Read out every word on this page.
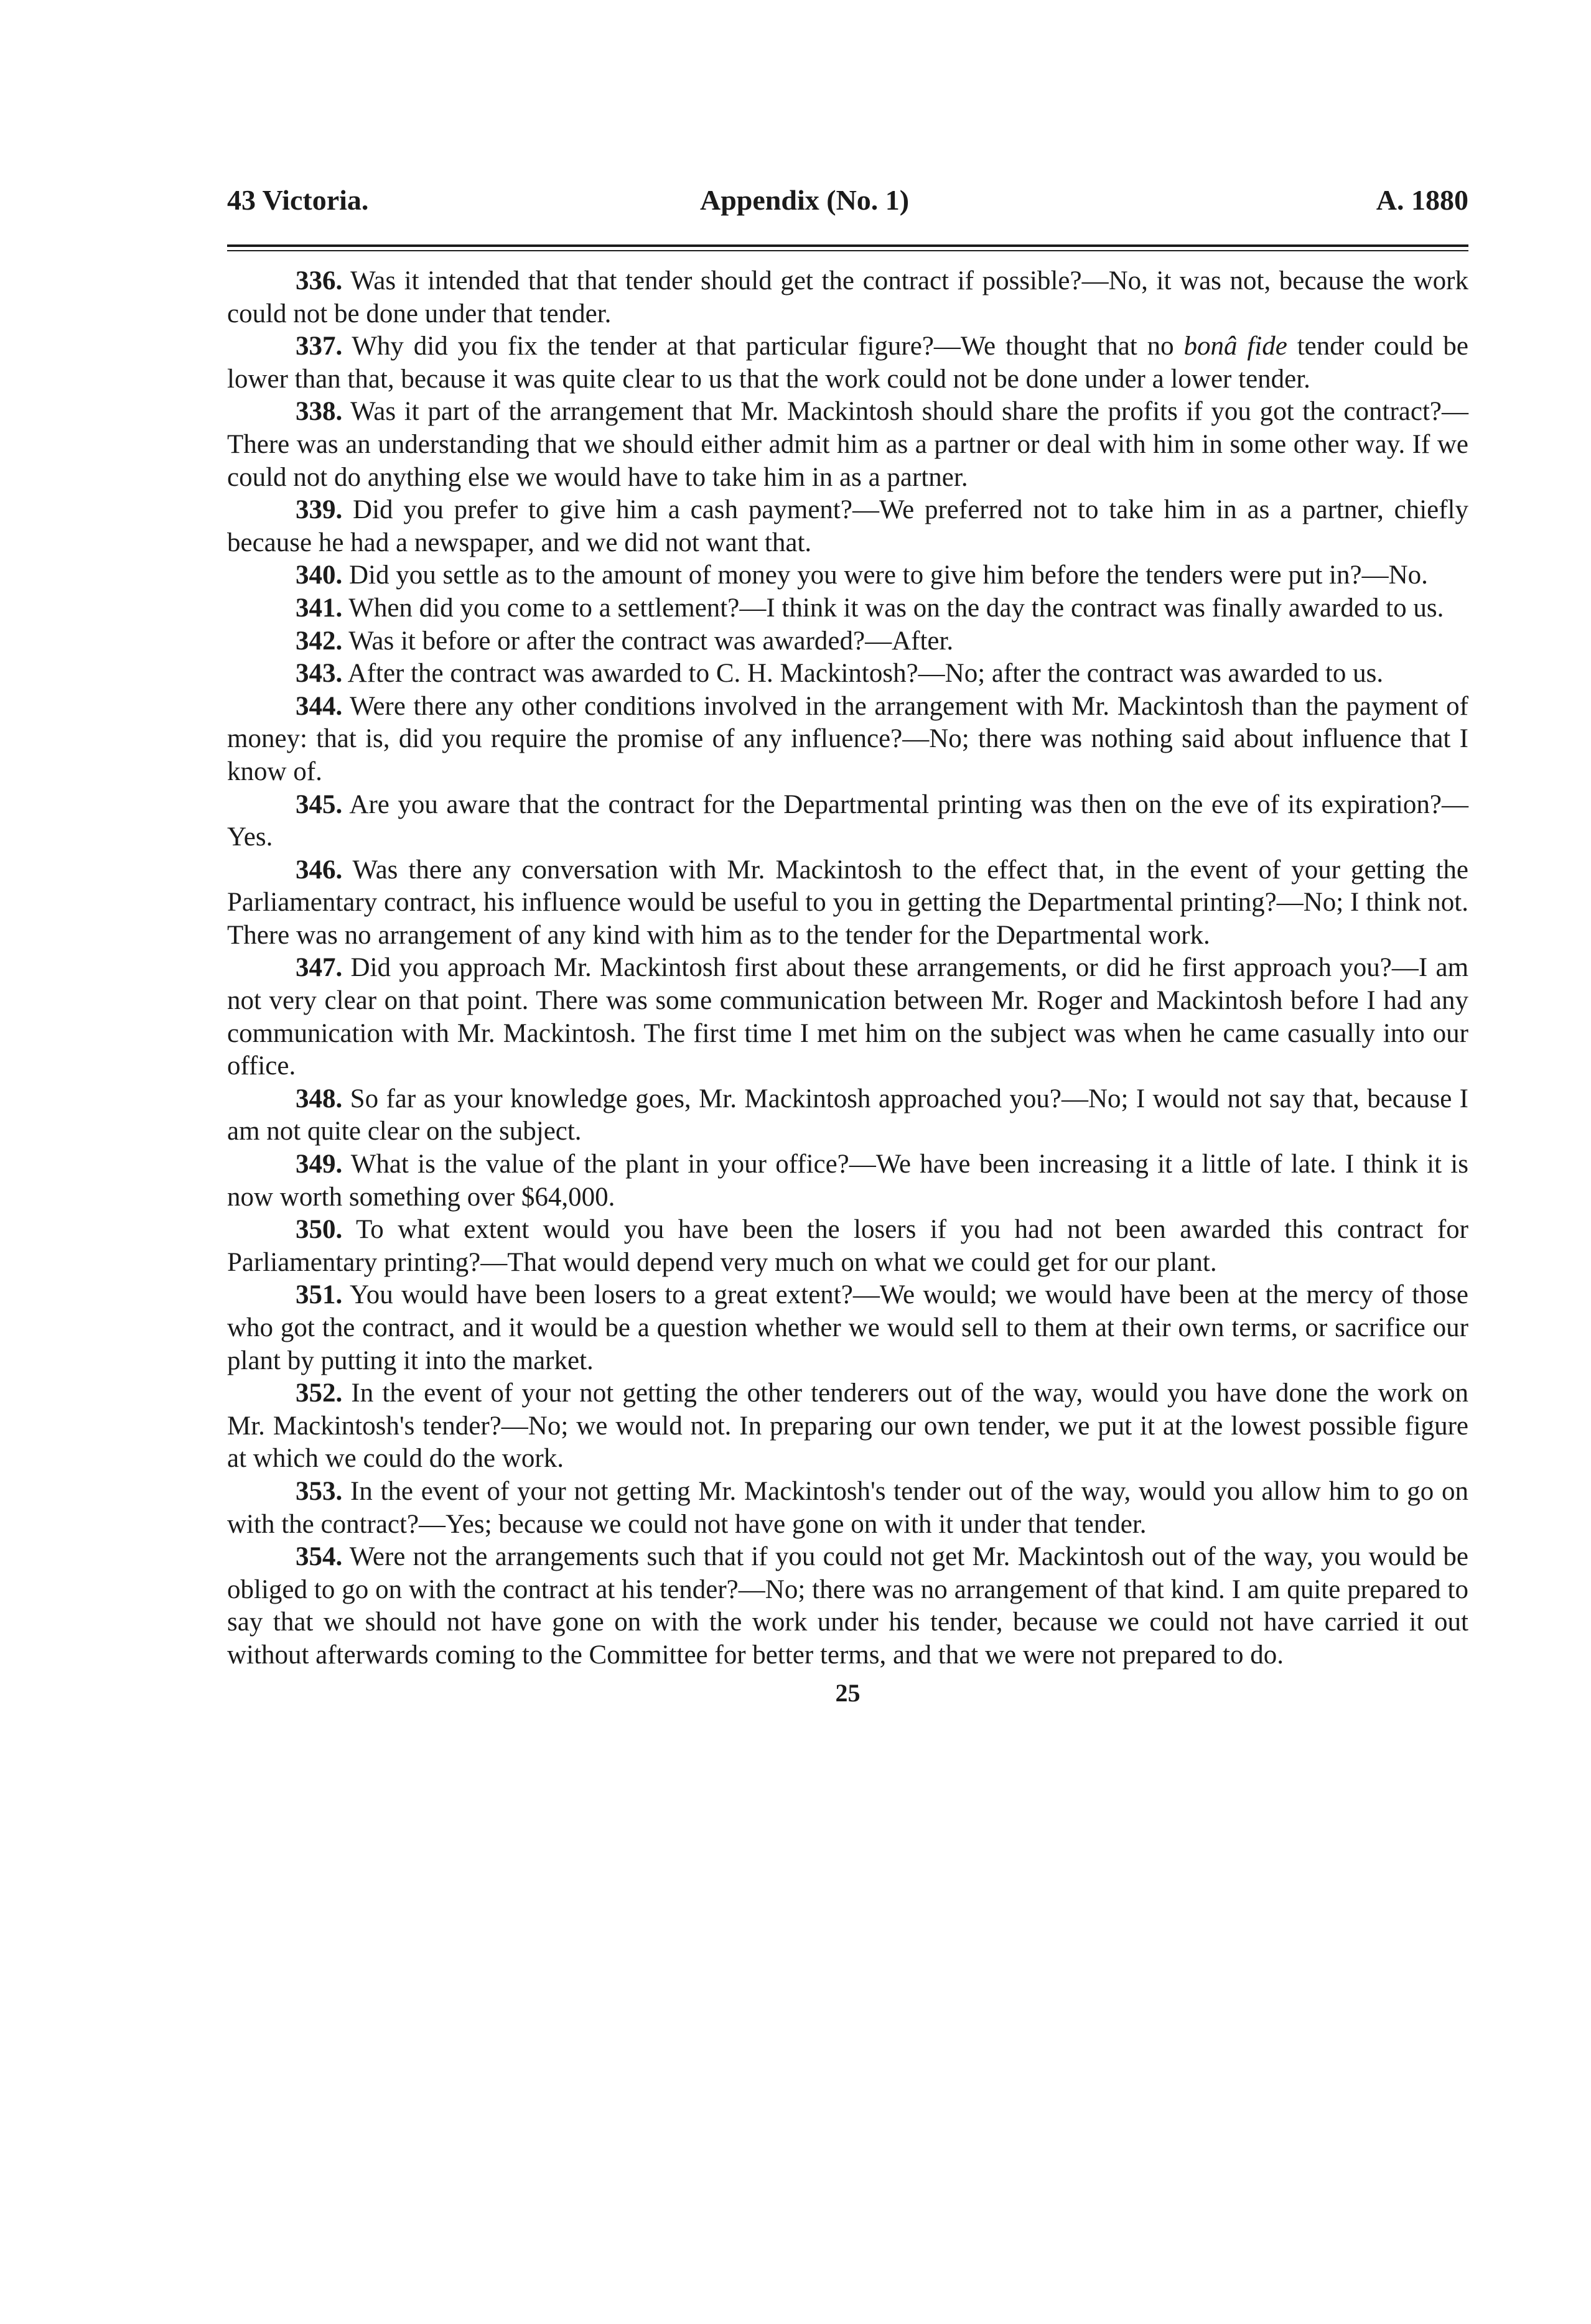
43 Victoria.	Appendix (No. 1)	A. 1880

336. Was it intended that that tender should get the contract if possible?—No, it was not, because the work could not be done under that tender.

337. Why did you fix the tender at that particular figure?—We thought that no bonâ fide tender could be lower than that, because it was quite clear to us that the work could not be done under a lower tender.

338. Was it part of the arrangement that Mr. Mackintosh should share the profits if you got the contract?—There was an understanding that we should either admit him as a partner or deal with him in some other way. If we could not do anything else we would have to take him in as a partner.

339. Did you prefer to give him a cash payment?—We preferred not to take him in as a partner, chiefly because he had a newspaper, and we did not want that.

340. Did you settle as to the amount of money you were to give him before the tenders were put in?—No.

341. When did you come to a settlement?—I think it was on the day the contract was finally awarded to us.

342. Was it before or after the contract was awarded?—After.

343. After the contract was awarded to C. H. Mackintosh?—No; after the contract was awarded to us.

344. Were there any other conditions involved in the arrangement with Mr. Mackintosh than the payment of money: that is, did you require the promise of any influence?—No; there was nothing said about influence that I know of.

345. Are you aware that the contract for the Departmental printing was then on the eve of its expiration?—Yes.

346. Was there any conversation with Mr. Mackintosh to the effect that, in the event of your getting the Parliamentary contract, his influence would be useful to you in getting the Departmental printing?—No; I think not. There was no arrangement of any kind with him as to the tender for the Departmental work.

347. Did you approach Mr. Mackintosh first about these arrangements, or did he first approach you?—I am not very clear on that point. There was some communication between Mr. Roger and Mackintosh before I had any communication with Mr. Mackintosh. The first time I met him on the subject was when he came casually into our office.

348. So far as your knowledge goes, Mr. Mackintosh approached you?—No; I would not say that, because I am not quite clear on the subject.

349. What is the value of the plant in your office?—We have been increasing it a little of late. I think it is now worth something over $64,000.

350. To what extent would you have been the losers if you had not been awarded this contract for Parliamentary printing?—That would depend very much on what we could get for our plant.

351. You would have been losers to a great extent?—We would; we would have been at the mercy of those who got the contract, and it would be a question whether we would sell to them at their own terms, or sacrifice our plant by putting it into the market.

352. In the event of your not getting the other tenderers out of the way, would you have done the work on Mr. Mackintosh's tender?—No; we would not. In preparing our own tender, we put it at the lowest possible figure at which we could do the work.

353. In the event of your not getting Mr. Mackintosh's tender out of the way, would you allow him to go on with the contract?—Yes; because we could not have gone on with it under that tender.

354. Were not the arrangements such that if you could not get Mr. Mackintosh out of the way, you would be obliged to go on with the contract at his tender?—No; there was no arrangement of that kind. I am quite prepared to say that we should not have gone on with the work under his tender, because we could not have carried it out without afterwards coming to the Committee for better terms, and that we were not prepared to do.

25
